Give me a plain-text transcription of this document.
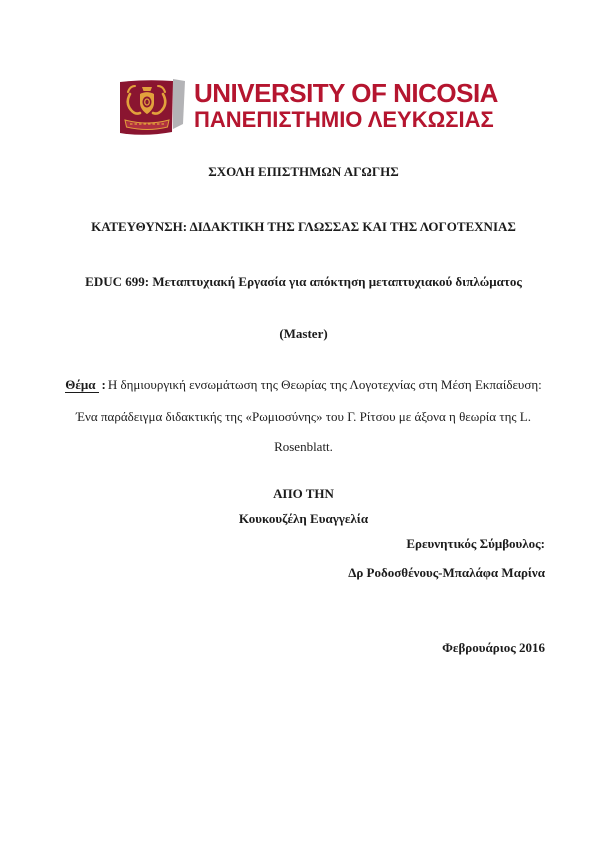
UNIVERSITY OF NICOSIA
ΠΑΝΕΠΙΣΤΗΜΙΟ ΛΕΥΚΩΣΙΑΣ
ΣΧΟΛΗ ΕΠΙΣΤΗΜΩΝ ΑΓΩΓΗΣ
ΚΑΤΕΥΘΥΝΣΗ: ΔΙΔΑΚΤΙΚΗ ΤΗΣ ΓΛΩΣΣΑΣ ΚΑΙ ΤΗΣ ΛΟΓΟΤΕΧΝΙΑΣ
EDUC 699: Μεταπτυχιακή Εργασία για απόκτηση μεταπτυχιακού διπλώματος
(Master)
Θέμα : Η δημιουργική ενσωμάτωση της Θεωρίας της Λογοτεχνίας στη Μέση Εκπαίδευση:
Ένα παράδειγμα διδακτικής της «Ρωμιοσύνης» του Γ. Ρίτσου με άξονα η θεωρία της L.
Rosenblatt.
ΑΠΟ ΤΗΝ
Κουκουζέλη Ευαγγελία
Ερευνητικός Σύμβουλος:
Δρ Ροδοσθένους-Μπαλάφα Μαρίνα
Φεβρουάριος 2016
